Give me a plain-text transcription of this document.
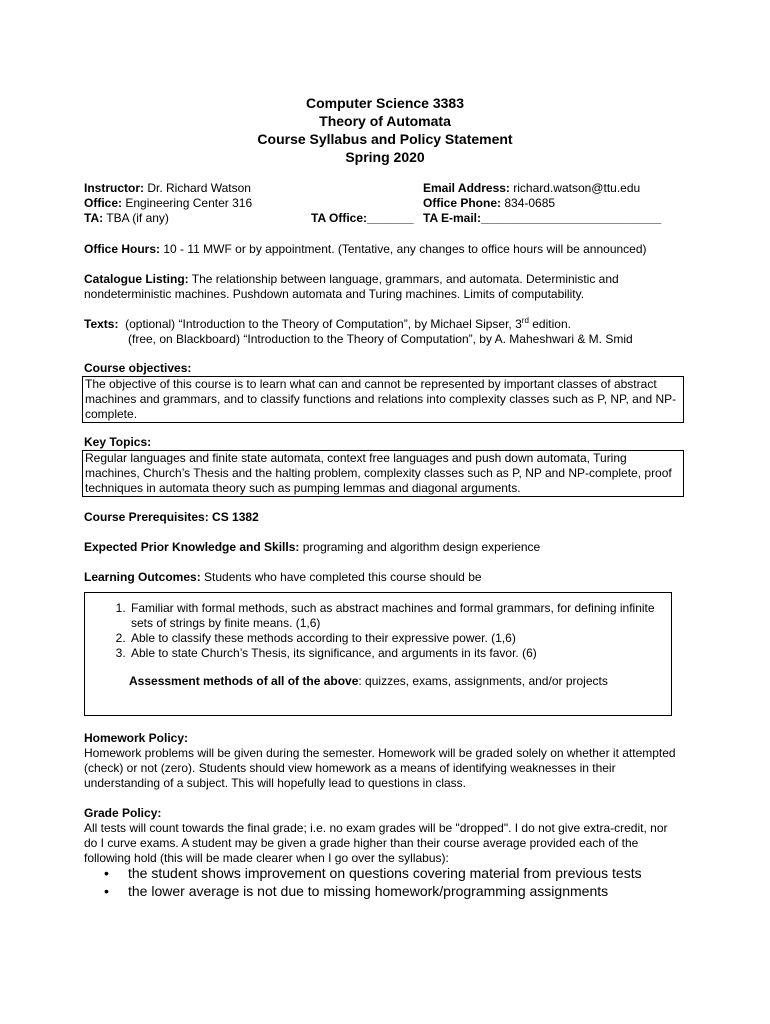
Computer Science 3383
Theory of Automata
Course Syllabus and Policy Statement
Spring 2020
Instructor: Dr. Richard Watson	Email Address: richard.watson@ttu.edu
Office: Engineering Center 316	Office Phone: 834-0685
TA: TBA (if any)	TA Office:_______ TA E-mail:___________________________
Office Hours: 10 - 11 MWF or by appointment. (Tentative, any changes to office hours will be announced)
Catalogue Listing: The relationship between language, grammars, and automata. Deterministic and nondeterministic machines. Pushdown automata and Turing machines. Limits of computability.
Texts: (optional) “Introduction to the Theory of Computation”, by Michael Sipser, 3rd edition.
(free, on Blackboard) “Introduction to the Theory of Computation”, by A. Maheshwari & M. Smid
Course objectives:
The objective of this course is to learn what can and cannot be represented by important classes of abstract machines and grammars, and to classify functions and relations into complexity classes such as P, NP, and NP-complete.
Key Topics:
Regular languages and finite state automata, context free languages and push down automata, Turing machines, Church’s Thesis and the halting problem, complexity classes such as P, NP and NP-complete, proof techniques in automata theory such as pumping lemmas and diagonal arguments.
Course Prerequisites: CS 1382
Expected Prior Knowledge and Skills: programing and algorithm design experience
Learning Outcomes: Students who have completed this course should be
1. Familiar with formal methods, such as abstract machines and formal grammars, for defining infinite sets of strings by finite means. (1,6)
2. Able to classify these methods according to their expressive power. (1,6)
3. Able to state Church’s Thesis, its significance, and arguments in its favor. (6)
Assessment methods of all of the above: quizzes, exams, assignments, and/or projects
Homework Policy:
Homework problems will be given during the semester. Homework will be graded solely on whether it attempted (check) or not (zero). Students should view homework as a means of identifying weaknesses in their understanding of a subject. This will hopefully lead to questions in class.
Grade Policy:
All tests will count towards the final grade; i.e. no exam grades will be "dropped". I do not give extra-credit, nor do I curve exams. A student may be given a grade higher than their course average provided each of the following hold (this will be made clearer when I go over the syllabus):
• the student shows improvement on questions covering material from previous tests
• the lower average is not due to missing homework/programming assignments
